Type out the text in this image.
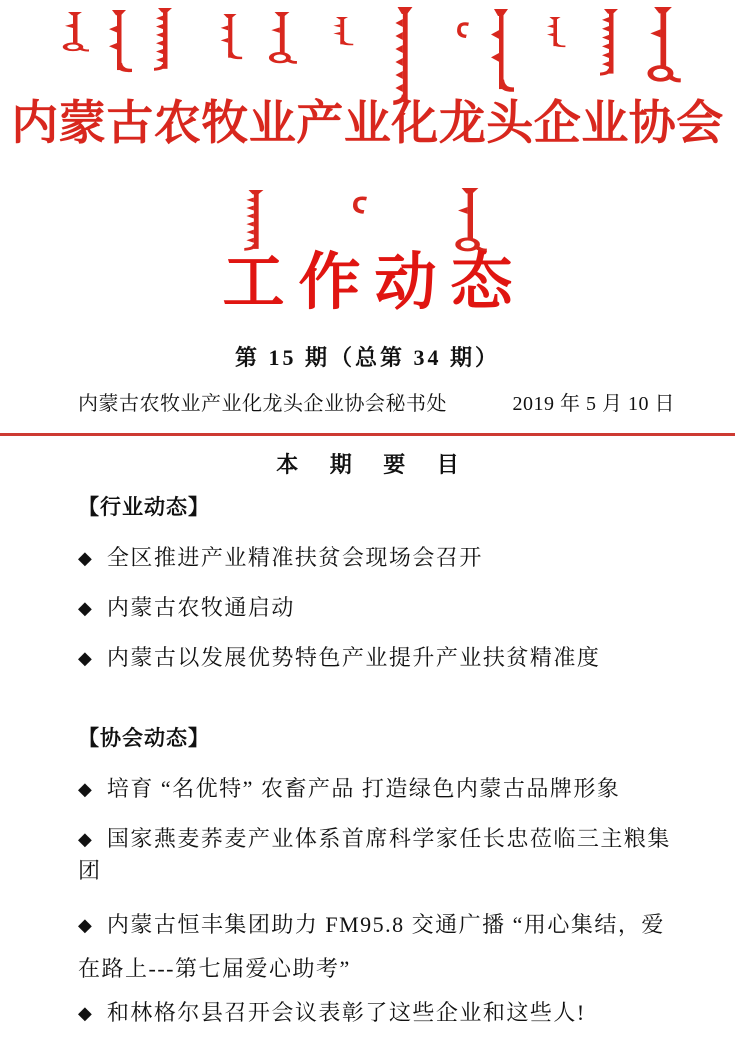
内蒙古农牧业产业化龙头企业协会
工作动态
第 15 期（总第 34 期）
内蒙古农牧业产业化龙头企业协会秘书处	2019 年 5 月 10 日
本 期 要 目
【行业动态】
◆ 全区推进产业精准扶贫会现场会召开
◆ 内蒙古农牧通启动
◆ 内蒙古以发展优势特色产业提升产业扶贫精准度
【协会动态】
◆ 培育 “名优特” 农畜产品 打造绿色内蒙古品牌形象
◆ 国家燕麦荞麦产业体系首席科学家任长忠莅临三主粮集团
◆ 内蒙古恒丰集团助力 FM95.8 交通广播 “用心集结，爱在路上---第七届爱心助考”
◆ 和林格尔县召开会议表彰了这些企业和这些人!
